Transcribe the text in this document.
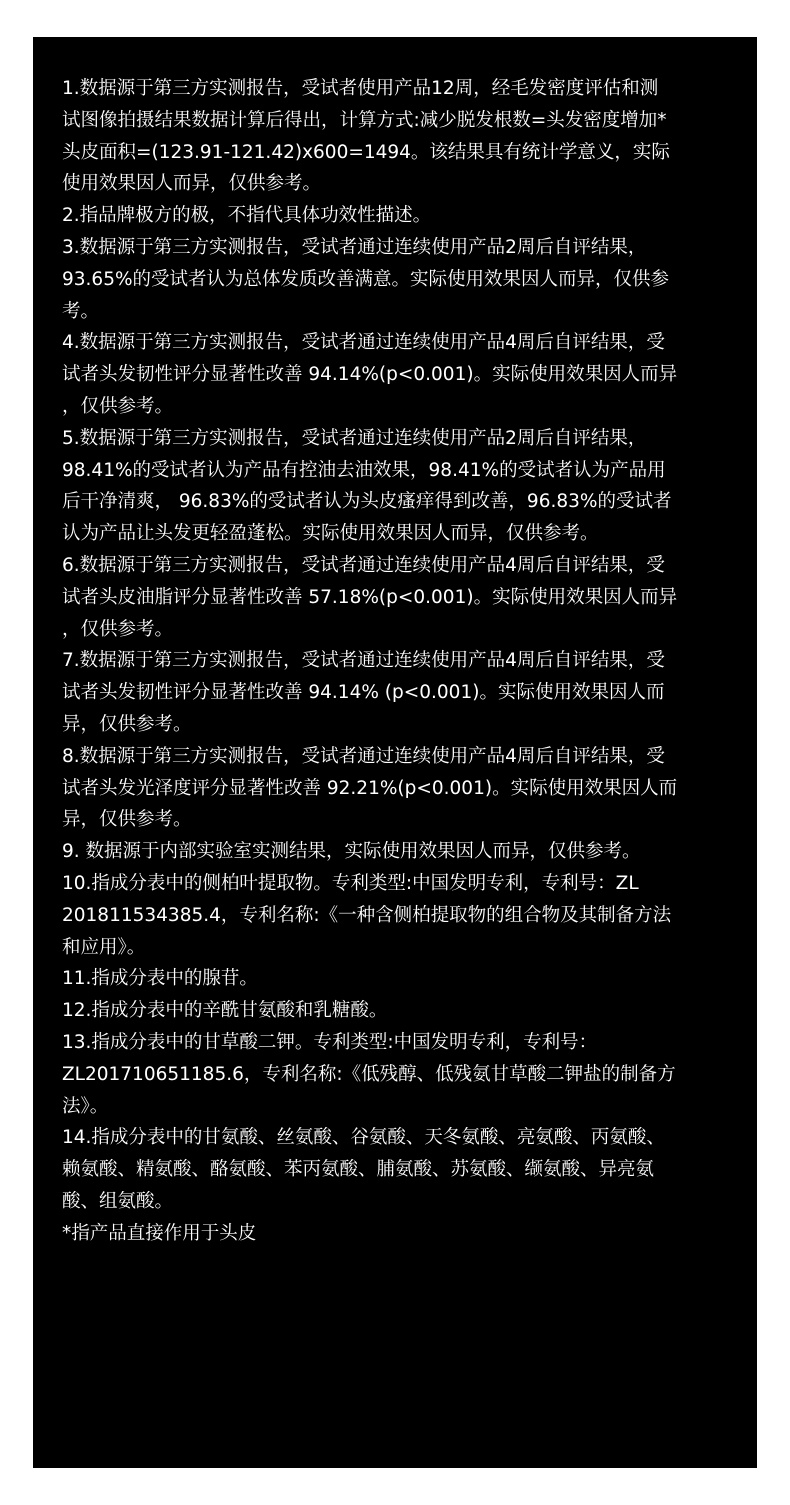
1.数据源于第三方实测报告，受试者使用产品12周，经毛发密度评估和测
试图像拍摄结果数据计算后得出，计算方式:减少脱发根数=头发密度增加*
头皮面积=(123.91-121.42)x600=1494。该结果具有统计学意义，实际
使用效果因人而异，仅供参考。
2.指品牌极方的极，不指代具体功效性描述。
3.数据源于第三方实测报告，受试者通过连续使用产品2周后自评结果，
93.65%的受试者认为总体发质改善满意。实际使用效果因人而异，仅供参
考。
4.数据源于第三方实测报告，受试者通过连续使用产品4周后自评结果，受
试者头发韧性评分显著性改善 94.14%(p<0.001)。实际使用效果因人而异
，仅供参考。
5.数据源于第三方实测报告，受试者通过连续使用产品2周后自评结果，
98.41%的受试者认为产品有控油去油效果，98.41%的受试者认为产品用
后干净清爽， 96.83%的受试者认为头皮瘙痒得到改善，96.83%的受试者
认为产品让头发更轻盈蓬松。实际使用效果因人而异，仅供参考。
6.数据源于第三方实测报告，受试者通过连续使用产品4周后自评结果，受
试者头皮油脂评分显著性改善 57.18%(p<0.001)。实际使用效果因人而异
，仅供参考。
7.数据源于第三方实测报告，受试者通过连续使用产品4周后自评结果，受
试者头发韧性评分显著性改善 94.14% (p<0.001)。实际使用效果因人而
异，仅供参考。
8.数据源于第三方实测报告，受试者通过连续使用产品4周后自评结果，受
试者头发光泽度评分显著性改善 92.21%(p<0.001)。实际使用效果因人而
异，仅供参考。
9. 数据源于内部实验室实测结果，实际使用效果因人而异，仅供参考。
10.指成分表中的侧柏叶提取物。专利类型:中国发明专利，专利号：ZL
201811534385.4，专利名称:《一种含侧柏提取物的组合物及其制备方法
和应用》。
11.指成分表中的腺苷。
12.指成分表中的辛酰甘氨酸和乳糖酸。
13.指成分表中的甘草酸二钾。专利类型:中国发明专利，专利号：
ZL201710651185.6，专利名称:《低残醇、低残氨甘草酸二钾盐的制备方
法》。
14.指成分表中的甘氨酸、丝氨酸、谷氨酸、天冬氨酸、亮氨酸、丙氨酸、
赖氨酸、精氨酸、酪氨酸、苯丙氨酸、脯氨酸、苏氨酸、缬氨酸、异亮氨
酸、组氨酸。
*指产品直接作用于头皮
